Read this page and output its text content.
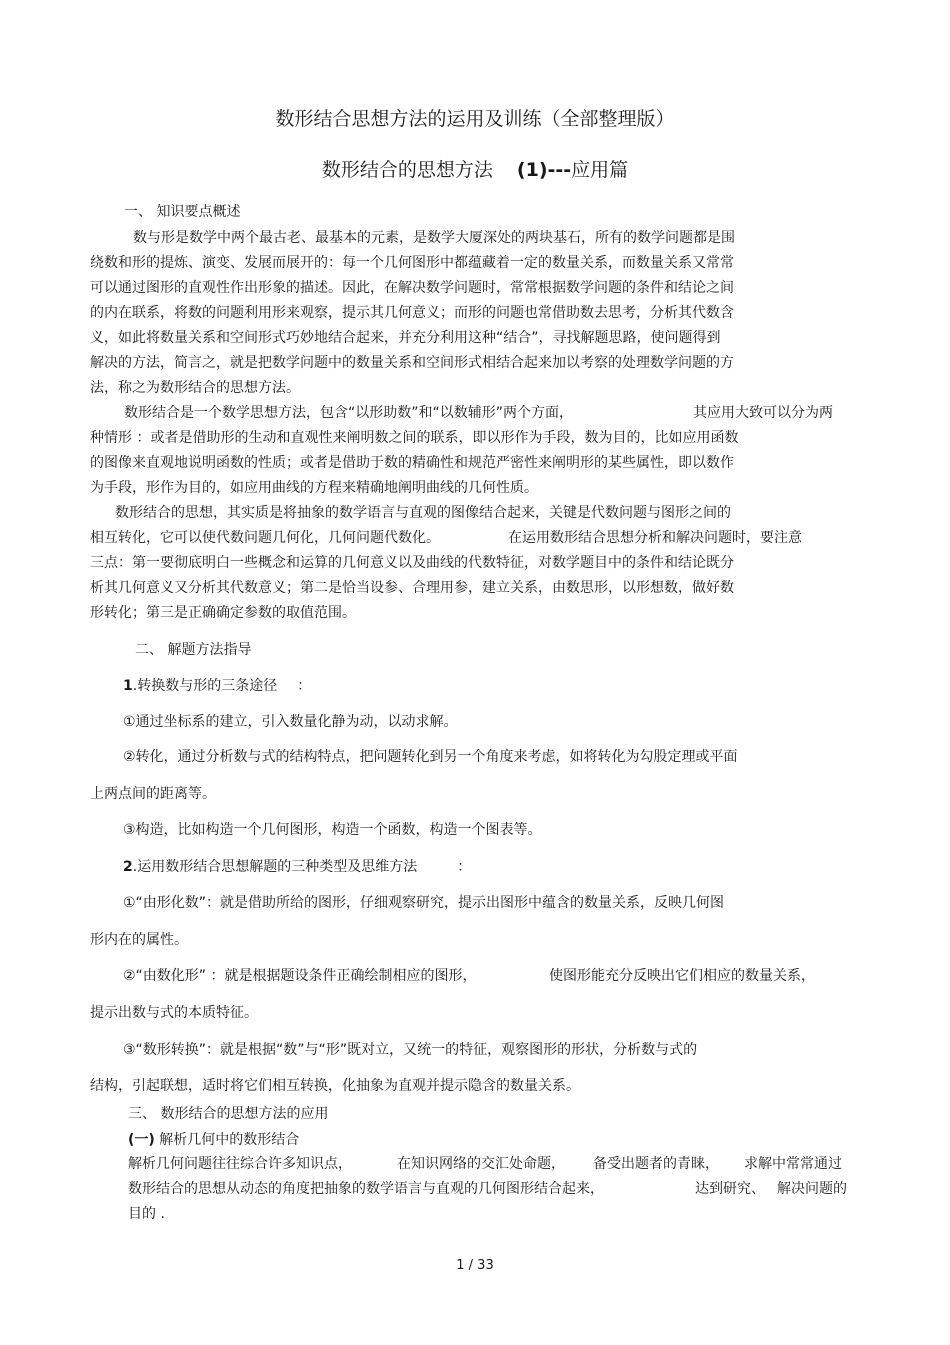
数形结合思想方法的运用及训练（全部整理版）
数形结合的思想方法 (1)---应用篇
一、 知识要点概述
数与形是数学中两个最古老、最基本的元素，是数学大厦深处的两块基石，所有的数学问题都是围
绕数和形的提炼、演变、发展而展开的：每一个几何图形中都蕴藏着一定的数量关系，而数量关系又常常
可以通过图形的直观性作出形象的描述。因此，在解决数学问题时，常常根据数学问题的条件和结论之间
的内在联系，将数的问题利用形来观察，提示其几何意义；而形的问题也常借助数去思考，分析其代数含
义，如此将数量关系和空间形式巧妙地结合起来，并充分利用这种“结合”，寻找解题思路，使问题得到
解决的方法，简言之，就是把数学问题中的数量关系和空间形式相结合起来加以考察的处理数学问题的方
法，称之为数形结合的思想方法。
数形结合是一个数学思想方法，包含“以形助数”和“以数辅形”两个方面，	其应用大致可以分为两
种情形 ：或者是借助形的生动和直观性来阐明数之间的联系，即以形作为手段，数为目的，比如应用函数
的图像来直观地说明函数的性质；或者是借助于数的精确性和规范严密性来阐明形的某些属性，即以数作
为手段，形作为目的，如应用曲线的方程来精确地阐明曲线的几何性质。
数形结合的思想，其实质是将抽象的数学语言与直观的图像结合起来，关键是代数问题与图形之间的
相互转化，它可以使代数问题几何化，几何问题代数化。	在运用数形结合思想分析和解决问题时，要注意
三点：第一要彻底明白一些概念和运算的几何意义以及曲线的代数特征，对数学题目中的条件和结论既分
析其几何意义又分析其代数意义；第二是恰当设参、合理用参，建立关系，由数思形，以形想数，做好数
形转化；第三是正确确定参数的取值范围。
二、 解题方法指导
1.转换数与形的三条途径 ：
①通过坐标系的建立，引入数量化静为动，以动求解。
②转化，通过分析数与式的结构特点，把问题转化到另一个角度来考虑，如将转化为勾股定理或平面
上两点间的距离等。
③构造，比如构造一个几何图形，构造一个函数，构造一个图表等。
2.运用数形结合思想解题的三种类型及思维方法	：
①“由形化数”：就是借助所给的图形，仔细观察研究，提示出图形中蕴含的数量关系，反映几何图
形内在的属性。
②“由数化形” ：就是根据题设条件正确绘制相应的图形，	使图形能充分反映出它们相应的数量关系，
提示出数与式的本质特征。
③“数形转换”：就是根据“数”与“形”既对立，又统一的特征，观察图形的形状，分析数与式的
结构，引起联想，适时将它们相互转换，化抽象为直观并提示隐含的数量关系。
三、 数形结合的思想方法的应用
(一) 解析几何中的数形结合
解析几何问题往往综合许多知识点，	在知识网络的交汇处命题， 备受出题者的青睐， 求解中常常通过
数形结合的思想从动态的角度把抽象的数学语言与直观的几何图形结合起来，	达到研究、 解决问题的
目的 .
1 / 33
